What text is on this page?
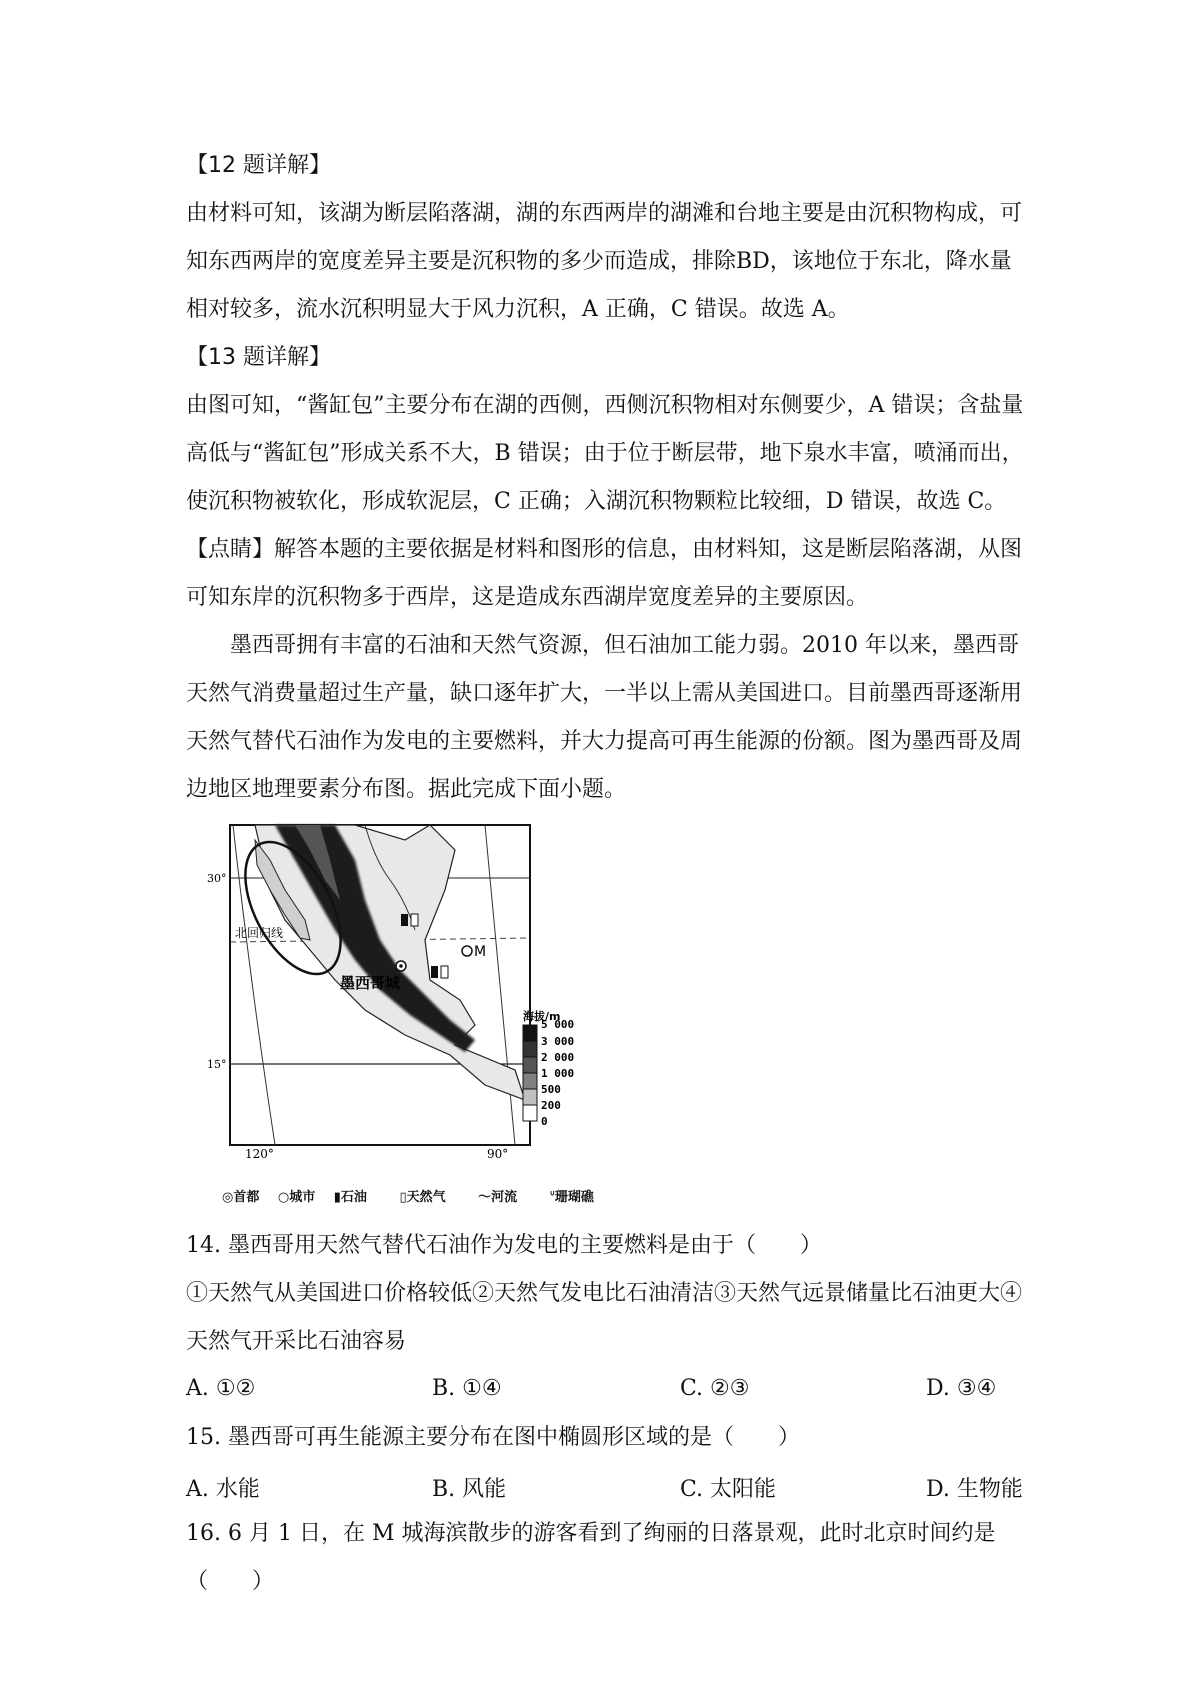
【12 题详解】
由材料可知，该湖为断层陷落湖，湖的东西两岸的湖滩和台地主要是由沉积物构成，可知东西两岸的宽度差异主要是沉积物的多少而造成，排除BD，该地位于东北，降水量相对较多，流水沉积明显大于风力沉积，A 正确，C 错误。故选 A。
【13 题详解】
由图可知，“酱缸包”主要分布在湖的西侧，西侧沉积物相对东侧要少，A 错误；含盐量高低与“酱缸包”形成关系不大，B 错误；由于位于断层带，地下泉水丰富，喷涌而出，使沉积物被软化，形成软泥层，C 正确；入湖沉积物颗粒比较细，D 错误，故选 C。
【点睛】解答本题的主要依据是材料和图形的信息，由材料知，这是断层陷落湖，从图可知东岸的沉积物多于西岸，这是造成东西湖岸宽度差异的主要原因。
墨西哥拥有丰富的石油和天然气资源，但石油加工能力弱。2010 年以来，墨西哥天然气消费量超过生产量，缺口逐年扩大，一半以上需从美国进口。目前墨西哥逐渐用天然气替代石油作为发电的主要燃料，并大力提高可再生能源的份额。图为墨西哥及周边地区地理要素分布图。据此完成下面小题。
M
墨西哥城
30°
15°
120°	90°
北回归线
海拔/m
5 000
3 000
2 000
1 000
500
200
0
◎首都 ○城市 ▮石油	▯天然气	〜河流	ᐡ珊瑚礁
14. 墨西哥用天然气替代石油作为发电的主要燃料是由于（　　）
①天然气从美国进口价格较低②天然气发电比石油清洁③天然气远景储量比石油更大④天然气开采比石油容易
A. ①②	B. ①④	C. ②③	D. ③④
15. 墨西哥可再生能源主要分布在图中椭圆形区域的是（　　）
A. 水能	B. 风能	C. 太阳能	D. 生物能
16. 6 月 1 日，在 M 城海滨散步的游客看到了绚丽的日落景观，此时北京时间约是（　　）
